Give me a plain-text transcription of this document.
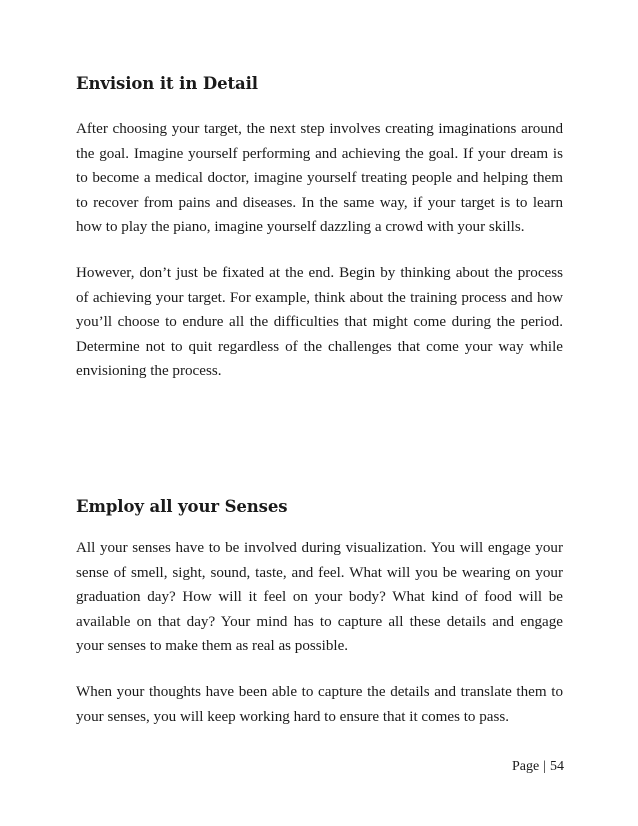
Envision it in Detail

After choosing your target, the next step involves creating imaginations around the goal. Imagine yourself performing and achieving the goal. If your dream is to become a medical doctor, imagine yourself treating people and helping them to recover from pains and diseases. In the same way, if your target is to learn how to play the piano, imagine yourself dazzling a crowd with your skills.

However, don’t just be fixated at the end. Begin by thinking about the process of achieving your target. For example, think about the training process and how you’ll choose to endure all the difficulties that might come during the period. Determine not to quit regardless of the challenges that come your way while envisioning the process.

Employ all your Senses

All your senses have to be involved during visualization. You will engage your sense of smell, sight, sound, taste, and feel. What will you be wearing on your graduation day? How will it feel on your body? What kind of food will be available on that day? Your mind has to capture all these details and engage your senses to make them as real as possible.

When your thoughts have been able to capture the details and translate them to your senses, you will keep working hard to ensure that it comes to pass.

Page | 54
